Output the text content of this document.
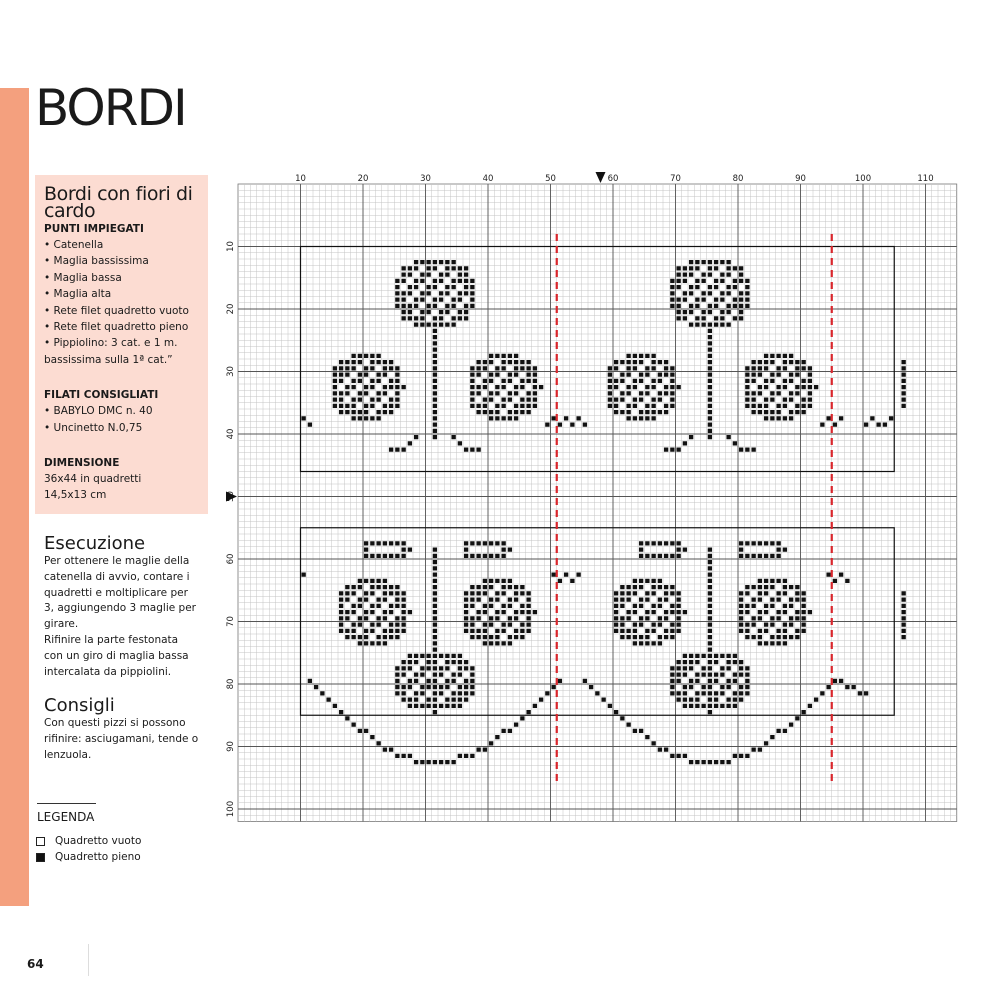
BORDI
Bordi con fiori di cardo
PUNTI IMPIEGATI
• Catenella
• Maglia bassissima
• Maglia bassa
• Maglia alta
• Rete filet quadretto vuoto
• Rete filet quadretto pieno
• Pippiolino: 3 cat. e 1 m. bassissima sulla 1ª cat.”
FILATI CONSIGLIATI
• BABYLO DMC n. 40
• Uncinetto N.0,75
DIMENSIONE
36x44 in quadretti
14,5x13 cm
Esecuzione

Per ottenere le maglie della

catenella di avvio, contare i

quadretti e moltiplicare per

3, aggiungendo 3 maglie per

girare.

Rifinire la parte festonata

con un giro di maglia bassa

intercalata da pippiolini.

Consigli

Con questi pizzi si possono

rifinire: asciugamani, tende o

lenzuola.

LEGENDA
Quadretto vuoto
Quadretto pieno
64
10	20	30	40	50	60	70	80	90	100	110
10
20
30
40
60
70
80
90
100
